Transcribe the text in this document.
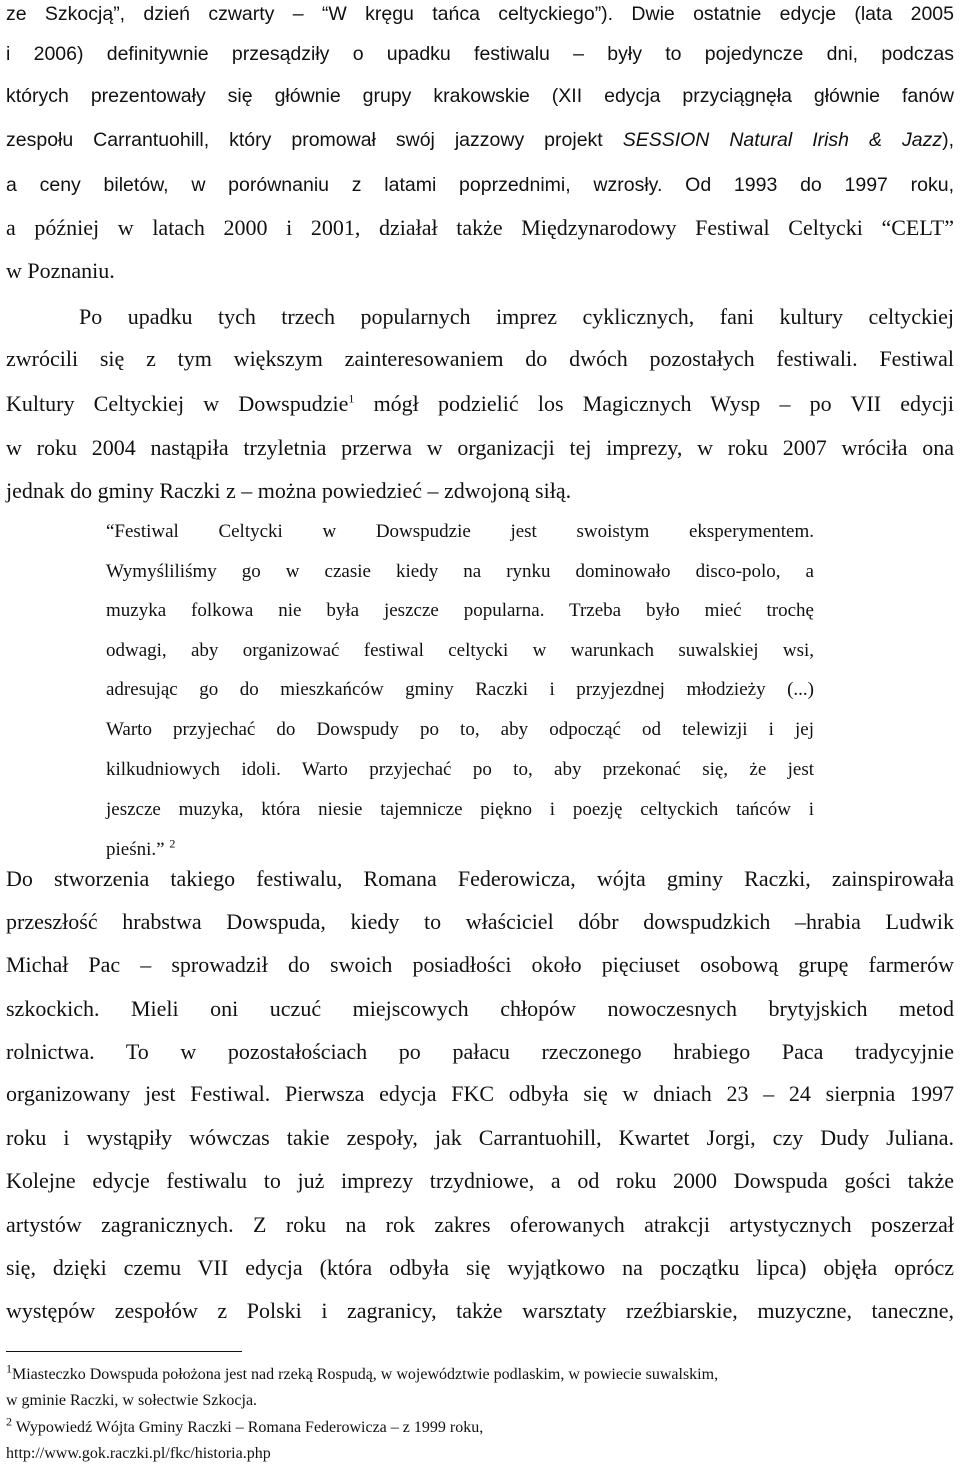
ze Szkocją”, dzień czwarty – “W kręgu tańca celtyckiego”). Dwie ostatnie edycje (lata 2005
i 2006) definitywnie przesądziły o upadku festiwalu – były to pojedyncze dni, podczas
których prezentowały się głównie grupy krakowskie (XII edycja przyciągnęła głównie fanów
zespołu Carrantuohill, który promował swój jazzowy projekt SESSION Natural Irish & Jazz),
a ceny biletów, w porównaniu z latami poprzednimi, wzrosły. Od 1993 do 1997 roku,
a później w latach 2000 i 2001, działał także Międzynarodowy Festiwal Celtycki “CELT”
w Poznaniu.
Po upadku tych trzech popularnych imprez cyklicznych, fani kultury celtyckiej
zwrócili się z tym większym zainteresowaniem do dwóch pozostałych festiwali. Festiwal
Kultury Celtyckiej w Dowspudzie$^1$ mógł podzielić los Magicznych Wysp – po VII edycji
w roku 2004 nastąpiła trzyletnia przerwa w organizacji tej imprezy, w roku 2007 wróciła ona
jednak do gminy Raczki z – można powiedzieć – zdwojoną siłą.
“Festiwal Celtycki w Dowspudzie jest swoistym eksperymentem.
Wymyśliliśmy go w czasie kiedy na rynku dominowało disco-polo, a
muzyka folkowa nie była jeszcze popularna. Trzeba było mieć trochę
odwagi, aby organizować festiwal celtycki w warunkach suwalskiej wsi,
adresując go do mieszkańców gminy Raczki i przyjezdnej młodzieży (...)
Warto przyjechać do Dowspudy po to, aby odpocząć od telewizji i jej
kilkudniowych idoli. Warto przyjechać po to, aby przekonać się, że jest
jeszcze muzyka, która niesie tajemnicze piękno i poezję celtyckich tańców i
pieśni.” $^2$
Do stworzenia takiego festiwalu, Romana Federowicza, wójta gminy Raczki, zainspirowała
przeszłość hrabstwa Dowspuda, kiedy to właściciel dóbr dowspudzkich –hrabia Ludwik
Michał Pac – sprowadził do swoich posiadłości około pięciuset osobową grupę farmerów
szkockich. Mieli oni uczuć miejscowych chłopów nowoczesnych brytyjskich metod
rolnictwa. To w pozostałościach po pałacu rzeczonego hrabiego Paca tradycyjnie
organizowany jest Festiwal. Pierwsza edycja FKC odbyła się w dniach 23 – 24 sierpnia 1997
roku i wystąpiły wówczas takie zespoły, jak Carrantuohill, Kwartet Jorgi, czy Dudy Juliana.
Kolejne edycje festiwalu to już imprezy trzydniowe, a od roku 2000 Dowspuda gości także
artystów zagranicznych. Z roku na rok zakres oferowanych atrakcji artystycznych poszerzał
się, dzięki czemu VII edycja (która odbyła się wyjątkowo na początku lipca) objęła oprócz
występów zespołów z Polski i zagranicy, także warsztaty rzeźbiarskie, muzyczne, taneczne,
$^1$Miasteczko Dowspuda położona jest nad rzeką Rospudą, w województwie podlaskim, w powiecie suwalskim,
w gminie Raczki, w sołectwie Szkocja.
$^2$ Wypowiedź Wójta Gminy Raczki – Romana Federowicza – z 1999 roku,
http://www.gok.raczki.pl/fkc/historia.php
